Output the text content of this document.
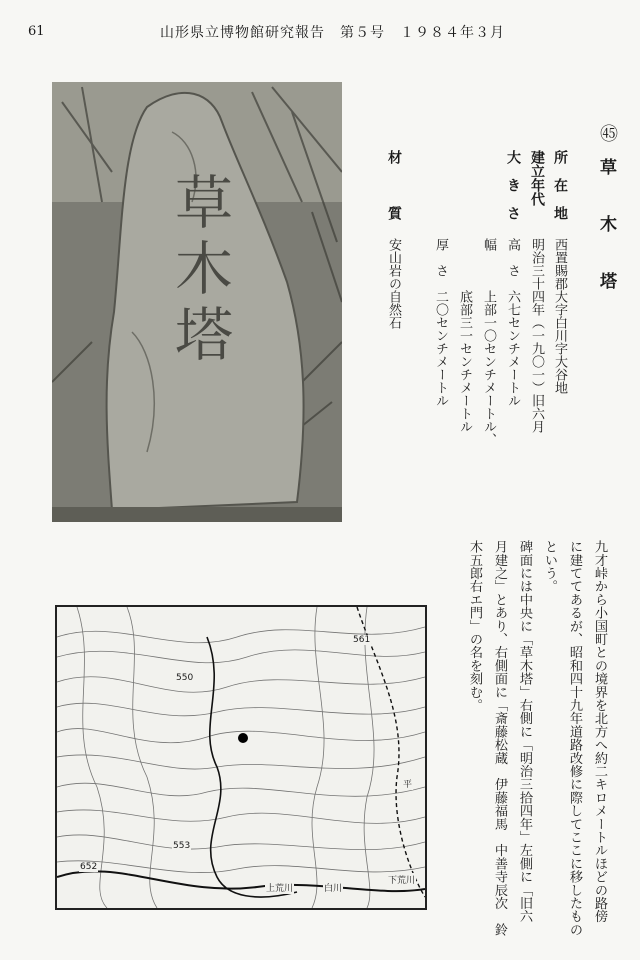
61	山形県立博物館研究報告　第５号　１９８４年３月
草木塔
㊺
草 木 塔
所　在　地
建立年代
大　き　さ
材　　　質
西置賜郡大字白川字大谷地
明治三十四年（一九〇一）旧六月
高　さ　六七センチメートル
幅　　　上部一〇センチメートル、
　　　　底部三一センチメートル
厚　さ　二〇センチメートル
安山岩の自然石
九才峠から小国町との境界を北方へ約二キロメートルほどの路傍
に建ててあるが、昭和四十九年道路改修に際してここに移したもの
という。
碑面には中央に「草木塔」右側に「明治三拾四年」左側に「旧六
月建之」とあり、右側面に「斎藤松蔵　伊藤福馬　中善寺辰次　鈴
木五郎右エ門」の名を刻む。
上荒川	白川
下荒川
平
550
561
553
652
